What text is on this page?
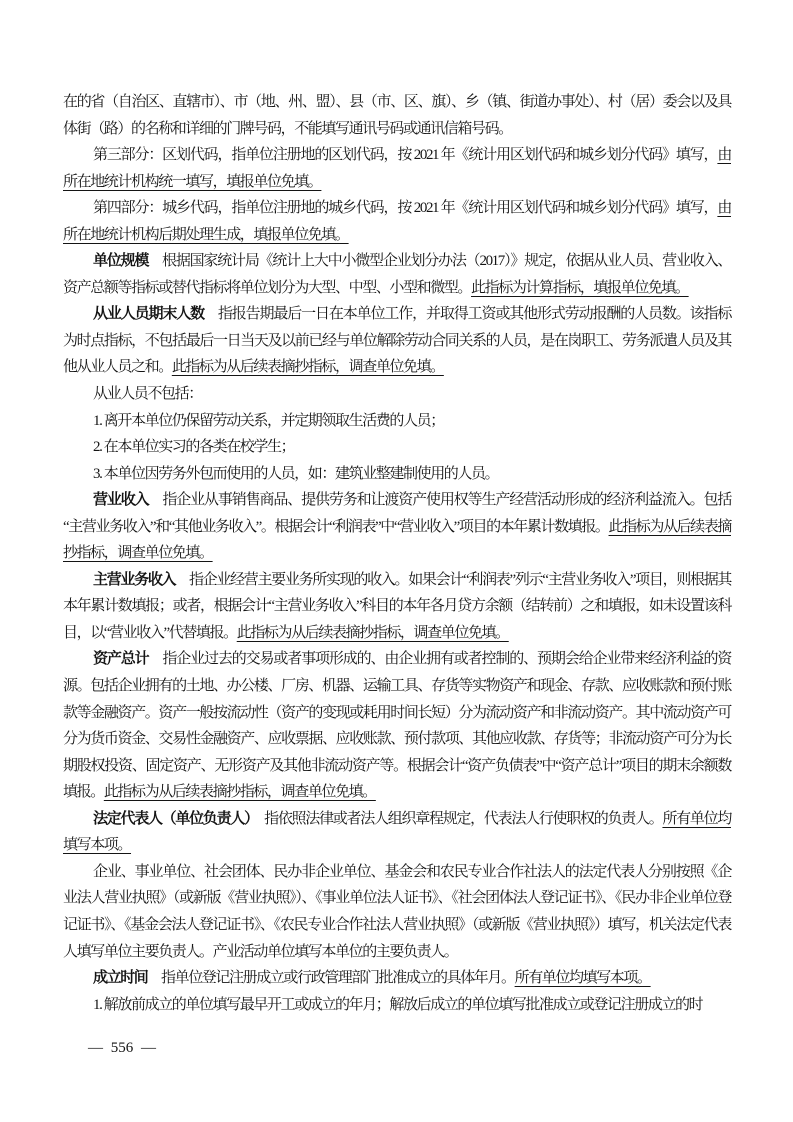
在的省（自治区、直辖市）、市（地、州、盟）、县（市、区、旗）、乡（镇、街道办事处）、村（居）委会以及具体街（路）的名称和详细的门牌号码，不能填写通讯号码或通讯信箱号码。

第三部分：区划代码，指单位注册地的区划代码，按 2021 年《统计用区划代码和城乡划分代码》填写，由所在地统计机构统一填写，填报单位免填。

第四部分：城乡代码，指单位注册地的城乡代码，按 2021 年《统计用区划代码和城乡划分代码》填写，由所在地统计机构后期处理生成，填报单位免填。

单位规模　根据国家统计局《统计上大中小微型企业划分办法（2017）》规定，依据从业人员、营业收入、资产总额等指标或替代指标将单位划分为大型、中型、小型和微型。此指标为计算指标，填报单位免填。

从业人员期末人数　指报告期最后一日在本单位工作，并取得工资或其他形式劳动报酬的人员数。该指标为时点指标，不包括最后一日当天及以前已经与单位解除劳动合同关系的人员，是在岗职工、劳务派遣人员及其他从业人员之和。此指标为从后续表摘抄指标，调查单位免填。

从业人员不包括：

1. 离开本单位仍保留劳动关系，并定期领取生活费的人员；

2. 在本单位实习的各类在校学生；

3. 本单位因劳务外包而使用的人员，如：建筑业整建制使用的人员。

营业收入　指企业从事销售商品、提供劳务和让渡资产使用权等生产经营活动形成的经济利益流入。包括“主营业务收入”和“其他业务收入”。根据会计“利润表”中“营业收入”项目的本年累计数填报。此指标为从后续表摘抄指标，调查单位免填。

主营业务收入　指企业经营主要业务所实现的收入。如果会计“利润表”列示“主营业务收入”项目，则根据其本年累计数填报；或者，根据会计“主营业务收入”科目的本年各月贷方余额（结转前）之和填报，如未设置该科目，以“营业收入”代替填报。此指标为从后续表摘抄指标，调查单位免填。

资产总计　指企业过去的交易或者事项形成的、由企业拥有或者控制的、预期会给企业带来经济利益的资源。包括企业拥有的土地、办公楼、厂房、机器、运输工具、存货等实物资产和现金、存款、应收账款和预付账款等金融资产。资产一般按流动性（资产的变现或耗用时间长短）分为流动资产和非流动资产。其中流动资产可分为货币资金、交易性金融资产、应收票据、应收账款、预付款项、其他应收款、存货等；非流动资产可分为长期股权投资、固定资产、无形资产及其他非流动资产等。根据会计“资产负债表”中“资产总计”项目的期末余额数填报。此指标为从后续表摘抄指标，调查单位免填。

法定代表人（单位负责人）　指依照法律或者法人组织章程规定，代表法人行使职权的负责人。所有单位均填写本项。

企业、事业单位、社会团体、民办非企业单位、基金会和农民专业合作社法人的法定代表人分别按照《企业法人营业执照》（或新版《营业执照》）、《事业单位法人证书》、《社会团体法人登记证书》、《民办非企业单位登记证书》、《基金会法人登记证书》、《农民专业合作社法人营业执照》（或新版《营业执照》）填写，机关法定代表人填写单位主要负责人。产业活动单位填写本单位的主要负责人。

成立时间　指单位登记注册成立或行政管理部门批准成立的具体年月。所有单位均填写本项。

1. 解放前成立的单位填写最早开工或成立的年月；解放后成立的单位填写批准成立或登记注册成立的时

— 556 —
